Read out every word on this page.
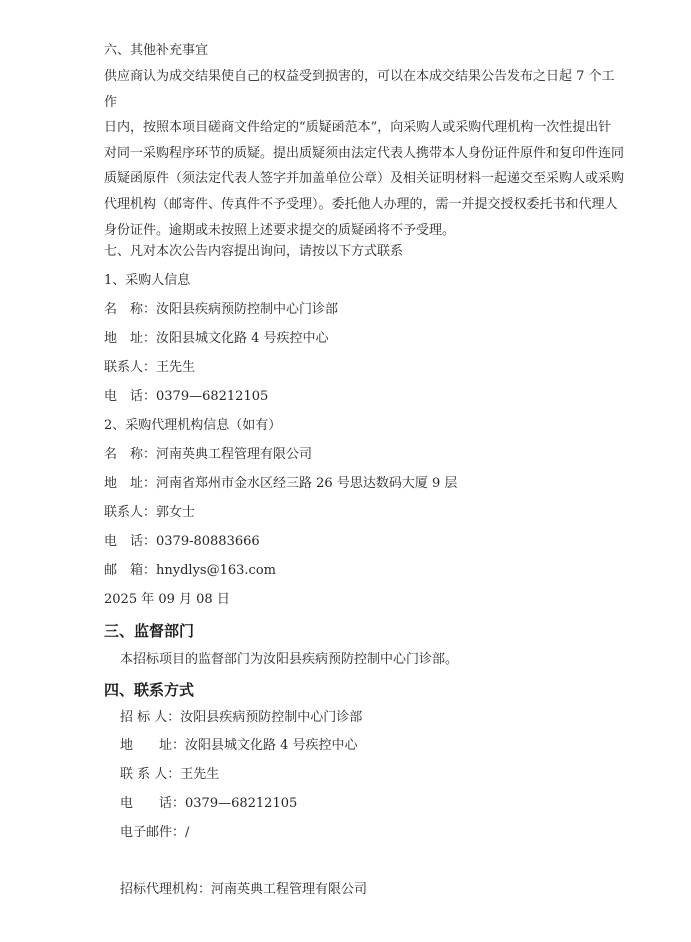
六、其他补充事宜
供应商认为成交结果使自己的权益受到损害的，可以在本成交结果公告发布之日起 7 个工作
日内，按照本项目磋商文件给定的“质疑函范本”，向采购人或采购代理机构一次性提出针
对同一采购程序环节的质疑。提出质疑须由法定代表人携带本人身份证件原件和复印件连同
质疑函原件（须法定代表人签字并加盖单位公章）及相关证明材料一起递交至采购人或采购
代理机构（邮寄件、传真件不予受理）。委托他人办理的，需一并提交授权委托书和代理人
身份证件。逾期或未按照上述要求提交的质疑函将不予受理。
七、凡对本次公告内容提出询问，请按以下方式联系
1、采购人信息
名　称：汝阳县疾病预防控制中心门诊部
地　址：汝阳县城文化路 4 号疾控中心
联系人：王先生
电　话：0379—68212105
2、采购代理机构信息（如有）
名　称：河南英典工程管理有限公司
地　址：河南省郑州市金水区经三路 26 号思达数码大厦 9 层
联系人：郭女士
电　话：0379-80883666
邮　箱：hnydlys@163.com
2025 年 09 月 08 日
三、监督部门
本招标项目的监督部门为汝阳县疾病预防控制中心门诊部。
四、联系方式
招 标 人：汝阳县疾病预防控制中心门诊部
地　　址：汝阳县城文化路 4 号疾控中心
联 系 人：王先生
电　　话：0379—68212105
电子邮件：/
招标代理机构：河南英典工程管理有限公司
